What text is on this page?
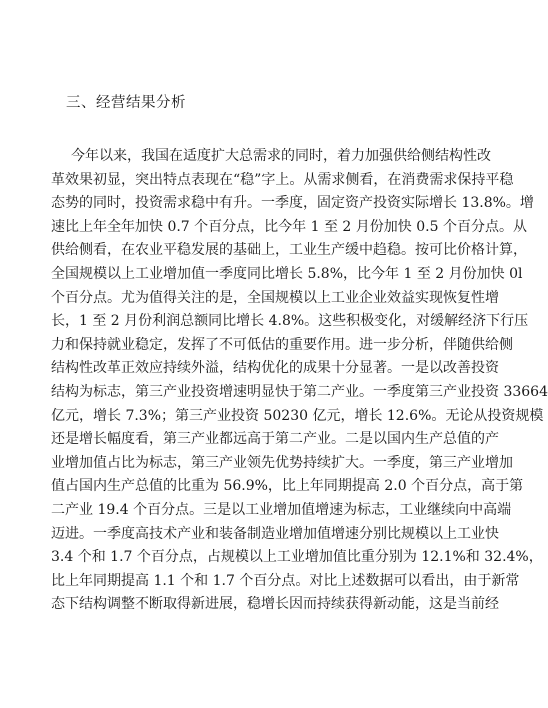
三、经营结果分析
今年以来，我国在适度扩大总需求的同时，着力加强供给侧结构性改
革效果初显，突出特点表现在“稳”字上。从需求侧看，在消费需求保持平稳
态势的同时，投资需求稳中有升。一季度，固定资产投资实际增长 13.8%。增
速比上年全年加快 0.7 个百分点，比今年 1 至 2 月份加快 0.5 个百分点。从
供给侧看，在农业平稳发展的基础上，工业生产缓中趋稳。按可比价格计算，
全国规模以上工业增加值一季度同比增长 5.8%，比今年 1 至 2 月份加快 0l
个百分点。尤为值得关注的是，全国规模以上工业企业效益实现恢复性增
长，1 至 2 月份利润总额同比增长 4.8%。这些积极变化，对缓解经济下行压
力和保持就业稳定，发挥了不可低估的重要作用。进一步分析，伴随供给侧
结构性改革正效应持续外溢，结构优化的成果十分显著。一是以改善投资
结构为标志，第三产业投资增速明显快于第二产业。一季度第三产业投资 33664
亿元，增长 7.3%；第三产业投资 50230 亿元，增长 12.6%。无论从投资规模
还是增长幅度看，第三产业都远高于第二产业。二是以国内生产总值的产
业增加值占比为标志，第三产业领先优势持续扩大。一季度，第三产业增加
值占国内生产总值的比重为 56.9%，比上年同期提高 2.0 个百分点，高于第
二产业 19.4 个百分点。三是以工业增加值增速为标志，工业继续向中高端
迈进。一季度高技术产业和装备制造业增加值增速分别比规模以上工业快
3.4 个和 1.7 个百分点，占规模以上工业增加值比重分别为 12.1%和 32.4%，
比上年同期提高 1.1 个和 1.7 个百分点。对比上述数据可以看出，由于新常
态下结构调整不断取得新进展，稳增长因而持续获得新动能，这是当前经
